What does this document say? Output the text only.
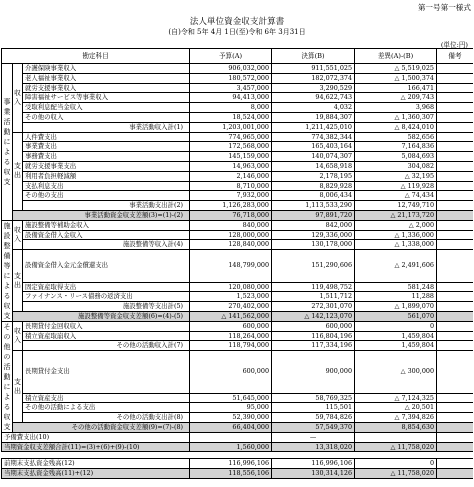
第一号第一様式
法人単位資金収支計算書
(自)令和 5年 4月 1日(至)令和 6年 3月31日
(単位:円)
勘定科目			予算(A)	決算(B)	差異(A)-(B)	備考
事業活動による収支	収入	介護保険事業収入	906,032,000	911,551,025	△ 5,519,025	
		老人福祉事業収入	180,572,000	182,072,374	△ 1,500,374	
		就労支援事業収入	3,457,000	3,290,529	166,471	
		障害福祉サービス等事業収入	94,413,000	94,622,743	△ 209,743	
		受取利息配当金収入	8,000	4,032	3,968	
		その他の収入	18,524,000	19,884,307	△ 1,360,307	
		事業活動収入計(1)	1,203,001,000	1,211,425,010	△ 8,424,010	
	支出	人件費支出	774,965,000	774,382,344	582,656	
		事業費支出	172,568,000	165,403,164	7,164,836	
		事務費支出	145,159,000	140,074,307	5,084,693	
		就労支援事業支出	14,963,000	14,658,918	304,082	
		利用者負担軽減額	2,146,000	2,178,195	△ 32,195	
		支払利息支出	8,710,000	8,829,928	△ 119,928	
		その他の支出	7,932,000	8,006,434	△ 74,434	
		事業活動支出計(2)	1,126,283,000	1,113,533,290	12,749,710	
	事業活動資金収支差額(3)=(1)-(2)		76,718,000	97,891,720	△ 21,173,720	
施設整備等による収支	収入	施設整備等補助金収入	840,000	842,000	△ 2,000	
		設備資金借入金収入	128,000,000	129,336,000	△ 1,336,000	
		施設整備等収入計(4)	128,840,000	130,178,000	△ 1,338,000	
	支出	設備資金借入金元金償還支出	148,799,000	151,290,606	△ 2,491,606	
		固定資産取得支出	120,080,000	119,498,752	581,248	
		ファイナンス・リース債務の返済支出	1,523,000	1,511,712	11,288	
		施設整備等支出計(5)	270,402,000	272,301,070	△ 1,899,070	
	施設整備等資金収支差額(6)=(4)-(5)		△ 141,562,000	△ 142,123,070	561,070	
その他の活動による収支	収入	長期貸付金回収収入	600,000	600,000	0	
		積立資産取崩収入	118,264,000	116,804,196	1,459,804	
		その他の活動収入計(7)	118,794,000	117,334,196	1,459,804	
	支出	長期貸付金支出	600,000	900,000	△ 300,000	
		積立資産支出	51,645,000	58,769,325	△ 7,124,325	
		その他の活動による支出	95,000	115,501	△ 20,501	
		その他の活動支出計(8)	52,390,000	59,784,826	△ 7,394,826	
	その他の活動資金収支差額(9)=(7)-(8)		66,404,000	57,549,370	8,854,630	
予備費支出(10)				—		
当期資金収支差額合計(11)=(3)+(6)+(9)-(10)			1,560,000	13,318,020	△ 11,758,020	

前期末支払資金残高(12)			116,996,106	116,996,106	0	
当期末支払資金残高(11)+(12)			118,556,106	130,314,126	△ 11,758,020	
